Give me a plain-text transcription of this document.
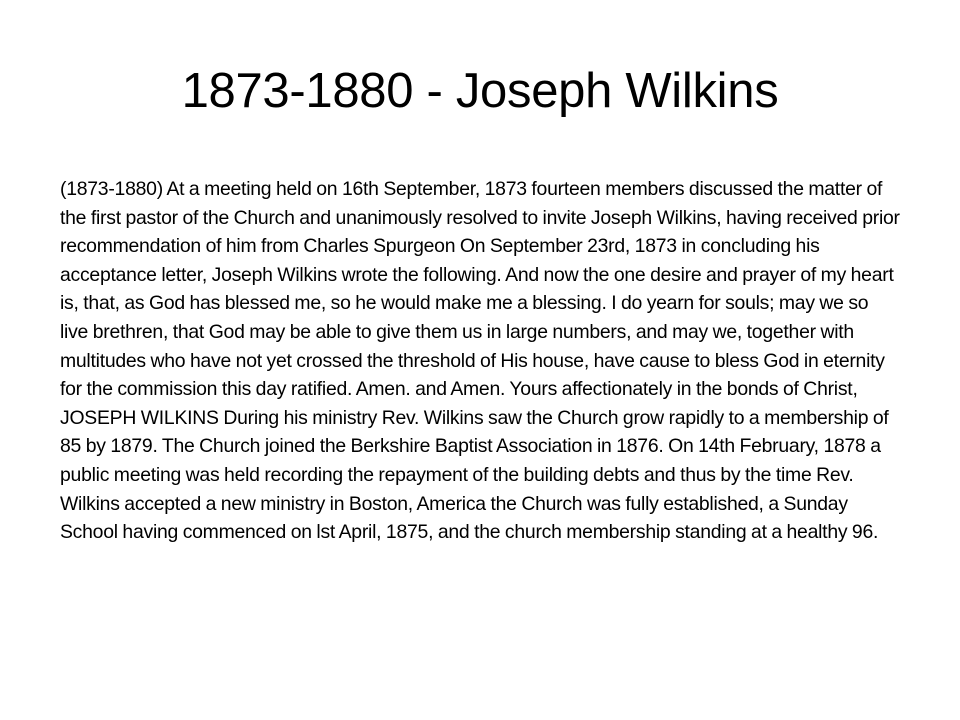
1873-1880 - Joseph Wilkins

(1873-1880) At a meeting held on 16th September, 1873 fourteen members discussed the matter of the first pastor of the Church and unanimously resolved to invite Joseph Wilkins, having received prior recommendation of him from Charles Spurgeon On September 23rd, 1873 in concluding his acceptance letter, Joseph Wilkins wrote the following. And now the one desire and prayer of my heart is, that, as God has blessed me, so he would make me a blessing. I do yearn for souls; may we so live brethren, that God may be able to give them us in large numbers, and may we, together with multitudes who have not yet crossed the threshold of His house, have cause to bless God in eternity for the commission this day ratified. Amen. and Amen. Yours affectionately in the bonds of Christ, JOSEPH WILKINS During his ministry Rev. Wilkins saw the Church grow rapidly to a membership of 85 by 1879. The Church joined the Berkshire Baptist Association in 1876. On 14th February, 1878 a public meeting was held recording the repayment of the building debts and thus by the time Rev. Wilkins accepted a new ministry in Boston, America the Church was fully established, a Sunday School having commenced on lst April, 1875, and the church membership standing at a healthy 96.
